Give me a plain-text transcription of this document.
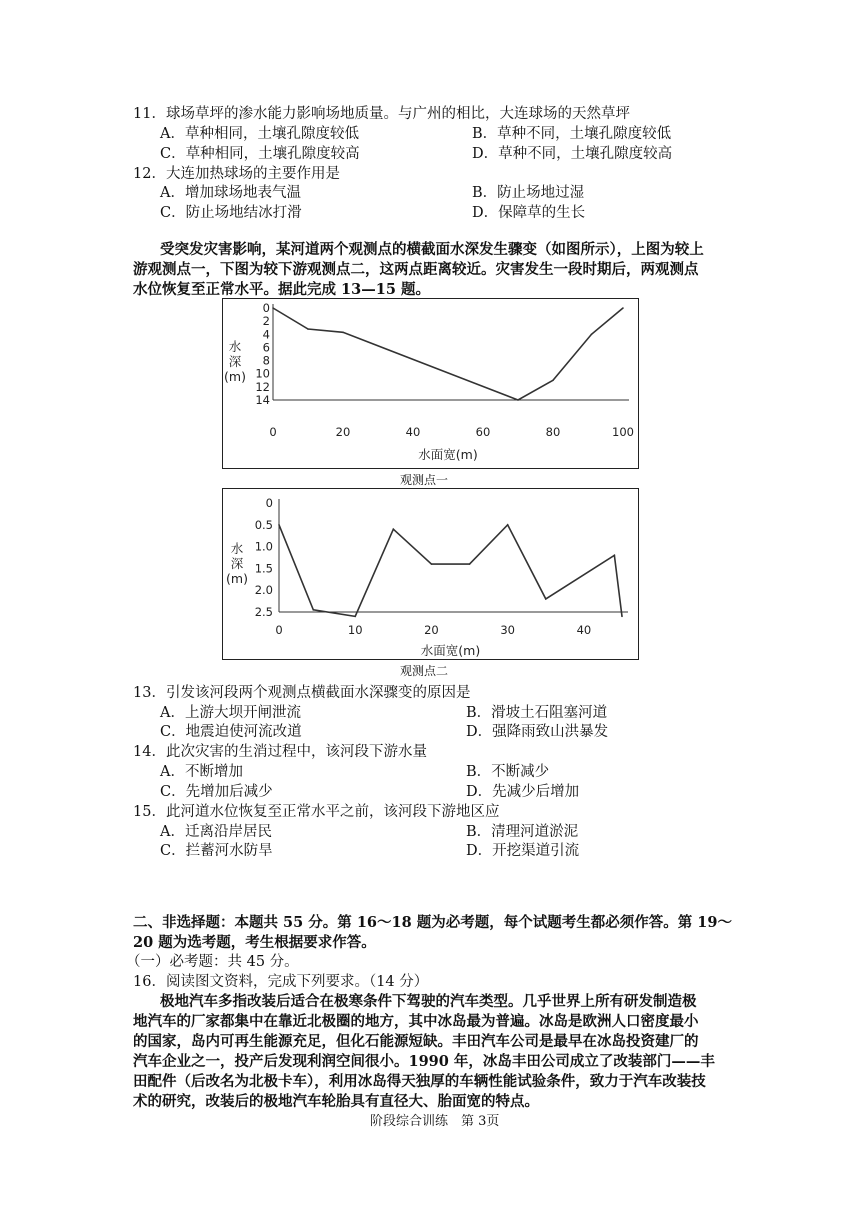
11．球场草坪的渗水能力影响场地质量。与广州的相比，大连球场的天然草坪
A．草种相同，土壤孔隙度较低	B．草种不同，土壤孔隙度较低
C．草种相同，土壤孔隙度较高	D．草种不同，土壤孔隙度较高
12．大连加热球场的主要作用是
A．增加球场地表气温	B．防止场地过湿
C．防止场地结冰打滑	D．保障草的生长
受突发灾害影响，某河道两个观测点的横截面水深发生骤变（如图所示），上图为较上
游观测点一，下图为较下游观测点二，这两点距离较近。灾害发生一段时期后，两观测点
水位恢复至正常水平。据此完成 13—15 题。
0
2
4
6
8
10
12
14
0	20	40	60	80	100
水
深
(m)
水面宽(m)
观测点一
0
0.5
1.0
1.5
2.0
2.5
0	10	20	30	40
水
深
(m)
水面宽(m)
观测点二
13．引发该河段两个观测点横截面水深骤变的原因是
A．上游大坝开闸泄流	B．滑坡土石阻塞河道
C．地震迫使河流改道	D．强降雨致山洪暴发
14．此次灾害的生消过程中，该河段下游水量
A．不断增加	B．不断减少
C．先增加后减少	D．先减少后增加
15．此河道水位恢复至正常水平之前，该河段下游地区应
A．迁离沿岸居民	B．清理河道淤泥
C．拦蓄河水防旱	D．开挖渠道引流
二、非选择题：本题共 55 分。第 16～18 题为必考题，每个试题考生都必须作答。第 19～
20 题为选考题，考生根据要求作答。
（一）必考题：共 45 分。
16．阅读图文资料，完成下列要求。（14 分）
极地汽车多指改装后适合在极寒条件下驾驶的汽车类型。几乎世界上所有研发制造极
地汽车的厂家都集中在靠近北极圈的地方，其中冰岛最为普遍。冰岛是欧洲人口密度最小
的国家，岛内可再生能源充足，但化石能源短缺。丰田汽车公司是最早在冰岛投资建厂的
汽车企业之一，投产后发现利润空间很小。1990 年，冰岛丰田公司成立了改装部门——丰
田配件（后改名为北极卡车），利用冰岛得天独厚的车辆性能试验条件，致力于汽车改装技
术的研究，改装后的极地汽车轮胎具有直径大、胎面宽的特点。
阶段综合训练　第 3页
